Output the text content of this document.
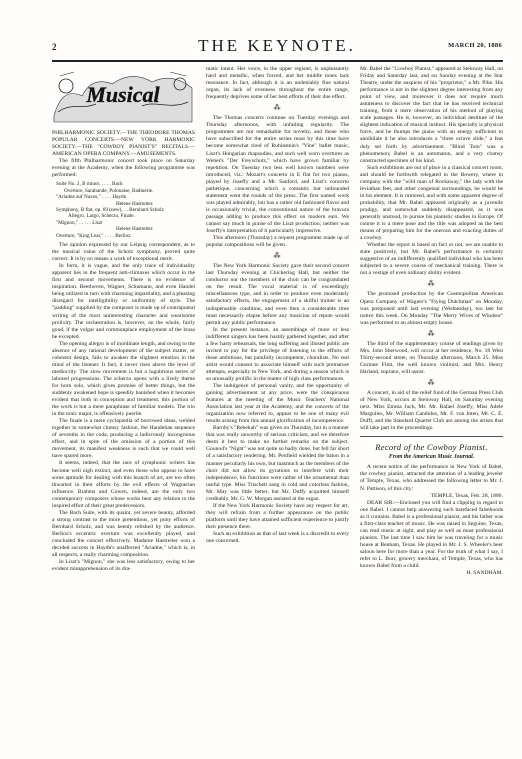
2	THE KEYNOTE.	MARCH 20, 1886
Musical

PHILHARMONIC SOCIETY.—THE THEODORE THOMAS POPULAR CONCERTS.—NEW YORK HARMONIC SOCIETY.—THE "COWBOY PIANIST'S" RECITALS.—AMERICAN OPERA COMPANY.—AMUSEMENTS.

The fifth Philharmonic concert took place on Saturday evening at the Academy, when the following programme was performed:

Suite No. 2, B minor, . . . . Bach
Overture, Sarabande, Polonaise, Badinerie.
"Ariadne auf Naxos," . . . . Haydn
Helene Hastreiter.
Symphony, B flat, op. 69 (new), . . Bernhard Scholz
Allegro, Largo, Scherzo, Finale.
"Mignon," . . . . . Liszt
Helene Hastreiter.
Overture, "King Lear," . . . . Berlioz

The opinion expressed by our Leipsig correspondent, as to the musical value of the Scholz symphony, proved quite correct. It is by no means a work of exceptional merit.

In form, it is vague, and the only trace of individuality apparent lies in the frequent anti-climaxes which occur in the first and second movements. There is no evidence of inspiration. Beethoven, Wagner, Schumann, and even Handel being utilized in turn with charming impartiality, and a pleasing disregard for intelligibility or uniformity of style. The "padding" supplied by the composer is made up of contrapuntal writing of the most uninteresting character and wearisome prolixity. The orchestration is, however, on the whole, fairly good, if the vulgar and commonplace employment of the brass be excepted.

The opening allegro is of inordinate length, and owing to the absence of any rational development of the subject matter, or coherent design, fails to awaken the slightest emotion in the mind of the listener. It fact, it never rises above the level of mediocrity. The slow movement is but a lugubrious series of labored progressions. The scherzo opens with a lively theme for horn solo, which gives promise of better things, but the suddenly awakened hope is speedily banished when it becomes evident that both in conception and treatment, this portion of the work is but a mere paraphrase of familiar models. The trio in the tonic major, is offensively puerile.

The finale is a mere cyclopædia of borrowed ideas, welded together in somewhat clumsy fashion, the Handelian sequence of sevenths in the coda, producing a ludicrously incongruous effect, and in spite of the omission of a portion of this movement, its manifest weakness is such that we could well have spared more.

It seems, indeed, that the race of symphonic writers has become well nigh extinct, and even those who appear to have some aptitude for dealing with this branch of art, are too often thwarted in their efforts by the evil effects of Wagnerian influence. Brahms and Cowen, indeed, are the only two contemporary composers whose works bear any relation to the inspired effort of their great predecessors.

The Bach Suite, with its quaint, yet severe beauty, afforded a strong contrast to the more pretentious, yet puny efforts of Bernhard Scholz, and was keenly relished by the audience. Berlioz's eccentric overture was excellently played, and concluded the concert effectively. Madame Hastreiter won a decided success in Haydn's unaffected "Ariadne," which is, in all respects, a really charming composition.

In Liszt's "Mignon," she was less satisfactory, owing to her evident misapprehension of its dra-

matic intent. Her voice, in the upper register, is unpleasantly hard and metallic, when forced, and her middle tones lack resonance. In fact, although it is an undeniably fine natural organ, its lack of evenness throughout the entire range, frequently deprives some of her best efforts of their due effect.

⁂

The Thomas concerts continue on Tuesday evenings and Thursday afternoons, with unfailing regularity. The programmes are not remarkable for novelty, and those who have subscribed for the entire series must by this time have become somewhat tired of Rubinstein's "Vine" ballet music, Liszt's Hungarian rhapsodies, and such well worn overtures as Weber's "Der Freyschutz," which have grown familiar by repetition. On Tuesday two less well known numbers were introduced, viz.: Mozart's concerto in E flat for two pianos, played by Joseffy and a Mr. Sanford, and Liszt's concerto pathetique, concerning which a romantic but unfounded statement went the rounds of the press. The first named work was played admirably, but has a rather old fashioned flavor and is occasionally trivial, the conventional nature of the bravura passage adding to produce this effect on modern ears. We cannot say much in praise of the Liszt production; neither was Joseffy's interpretation of it particularly impressive.

This afternoon (Thursday) a request programme made up of popular compositions will be given.

⁂

The New York Harmonic Society gave their second concert last Thursday evening at Chickering Hall, but neither the conductor nor the members of the choir can be congratulated on the result. The vocal material is of exceedingly miscellaneous type, and in order to produce even moderately satisfactory effects, the engagement of a skilful trainer is an indispensable condition, and even then a considerable time must necessarily elapse before any musician of repute would permit any public performance.

In the present instance, an assemblage of more or less indifferent singers has been hastily gathered together, and after a few hasty rehearsals, the long suffering and illused public are invited to pay for the privilege of listening to the efforts of these ambitious, but painfully incompetent, choralists. No real artist would consent to associate himself with such premature attempts, especially in New York, and during a season which is so unusually prolific in the matter of high class performances.

The indulgence of personal vanity, and the opportunity of gaining advertisement at any price, were the conspicuous features at the meeting of the Music Teachers' National Association last year at the Academy, and the concerts of the organization now referred to, appear to be one of many evil results arising from this annual glorification of incompetence.

Barnby's "Rebekah" was given on Thursday, but in a manner that was really unworthy of serious criticism, and we therefore deem it best to make no further remarks on the subject. Gounod's "Night" was not quite so badly done, but fell far short of a satisfactory rendering. Mr. Penfield wielded the baton in a manner peculiarly his own, but inasmuch as the members of the choir did not allow its gyrations to interfere with their independence, his functions were rather of the ornamental than useful type. Miss Trischett sang in cold and colorless fashion, Mr. May was little better, but Mr. Duffy acquitted himself creditably. Mr. G. W. Morgan assisted at the organ.

If the New York Harmonic Society have any respect for art, they will refrain from a further appearance on the public platform until they have attained sufficient experience to justify their presence there.

Such an exhibition as that of last week is a discredit to every one concerned.

Mr. Babel the "Cowboy Pianist," appeared at Steinway Hall, on Friday and Saturday last, and on Sunday evening at the Star Theatre, under the auspices of his "proprietor," a Mr. Pike. His performance is not in the slightest degree interesting from any point of view, and moreover it does not require much astuteness to discover the fact that he has received technical training, from a mere observation of his method of playing scale passages. He is, however, an individual destitute of the slightest indication of musical instinct. His specialty is physical force, and he thumps the piano with an energy sufficient to annihilate it he also introduces a "three octave slide," a feat duly set forth by advertisement. "Blind Tom" was a phenomenon; Babel is an automaton, and a very clumsy constructed specimen of his kind.

Such exhibitions are out of place in a classical concert room, and should be forthwith relegated to the Bowery, where in company with the "wild man of Rockaway," the lady with the leviathan feet, and other congenial surroundings, he would be in his element. It is rumored, and with some apparent degree of probability, that Mr. Babel appeared originally as a juvenile prodigy, and somewhat suddenly disappeared, as it was generally unstood, to pursue his pianistic studies in Europe. Of course it is a mere pose and the title was adopted as the best means of preparing him for the onerous and exacting duties of a cowboy.

Whether the report is based on fact or not, we are unable to state positively, but Mr. Babel's performance is certainly suggestive of an indifferently qualified individual who has been subjected to a severe course of mechanical training. There is not a vestige of even ordinary ability evident.

⁂

The promised production by the Cosmopolitan American Opera Company of Wagner's "Flying Dutchman" on Monday, was postponed until last evening (Wednesday), too late for notice this week. On Monday "The Merry Wives of Windsor" was performed to an almost empty house.

⁂

The third of the supplementary course of readings given by Mrs. John Sherwood, will occur at her residence, No. 18 West Thirty-second street, on Thursday afternoon, March 25. Miss Corinne Flint, the well known violinist, and Mrs. Henry Harland, soprano, will assist.

⁂

A concert, in aid of the relief fund of the German Press Club of New York, occurs at Steinway Hall, on Saturday evening next. Miss Emma Juch, Mr. Mr. Rafael Joseffy, Miss Adele Margulies, Mr. William Candidus, Mr. F. von Inten, Mr. C. E. Duffi, and the Standard Quartet Club are among the artists that will take part in the proceedings.

Record of the Cowboy Pianist.
From the American Music Journal.

A recent notice of the performance in New York of Babel, the cowboy pianist, attracted the attention of a leading jeweler of Temple, Texas, who addressed the following letter to Mr. J. N. Pattison, of this city:

TEMPLE, Texas, Feb. 28, 1886.

DEAR SIR:—Enclosed you will find a clipping in regard to one Babel. I cannot help answering such barefaced falsehoods as it contains. Babel is a professional pianist, and his father was a first-class teacher of music. He was raised in Seguine, Texas, can read music at sight, and play as well as most professional pianists. The last time I saw him he was traveling for a music house at Benham, Texas. He played in Mr. J. S. Wheeler's beer saloon here for more than a year. For the truth of what I say, I refer to L. Burr, grocery merchant, of Temple, Texas, who has known Babel from a child.

H. SANDHAM.
